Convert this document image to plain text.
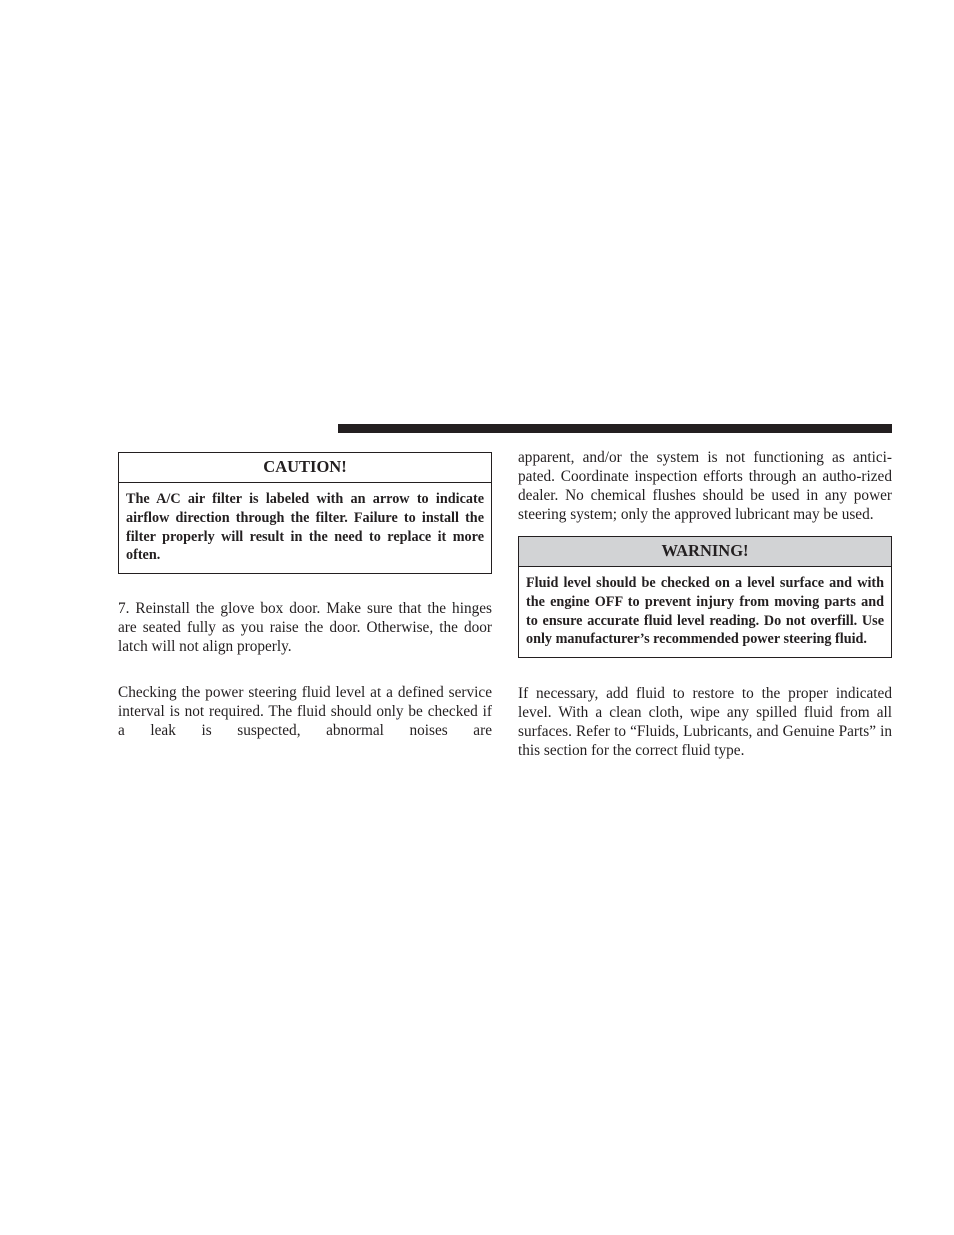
CAUTION!
The A/C air filter is labeled with an arrow to indicate airflow direction through the filter. Failure to install the filter properly will result in the need to replace it more often.

7. Reinstall the glove box door. Make sure that the hinges are seated fully as you raise the door. Otherwise, the door latch will not align properly.

Checking the power steering fluid level at a defined service interval is not required. The fluid should only be checked if a leak is suspected, abnormal noises are

apparent, and/or the system is not functioning as antici-pated. Coordinate inspection efforts through an autho-rized dealer. No chemical flushes should be used in any power steering system; only the approved lubricant may be used.

WARNING!
Fluid level should be checked on a level surface and with the engine OFF to prevent injury from moving parts and to ensure accurate fluid level reading. Do not overfill. Use only manufacturer’s recommended power steering fluid.

If necessary, add fluid to restore to the proper indicated level. With a clean cloth, wipe any spilled fluid from all surfaces. Refer to “Fluids, Lubricants, and Genuine Parts” in this section for the correct fluid type.
